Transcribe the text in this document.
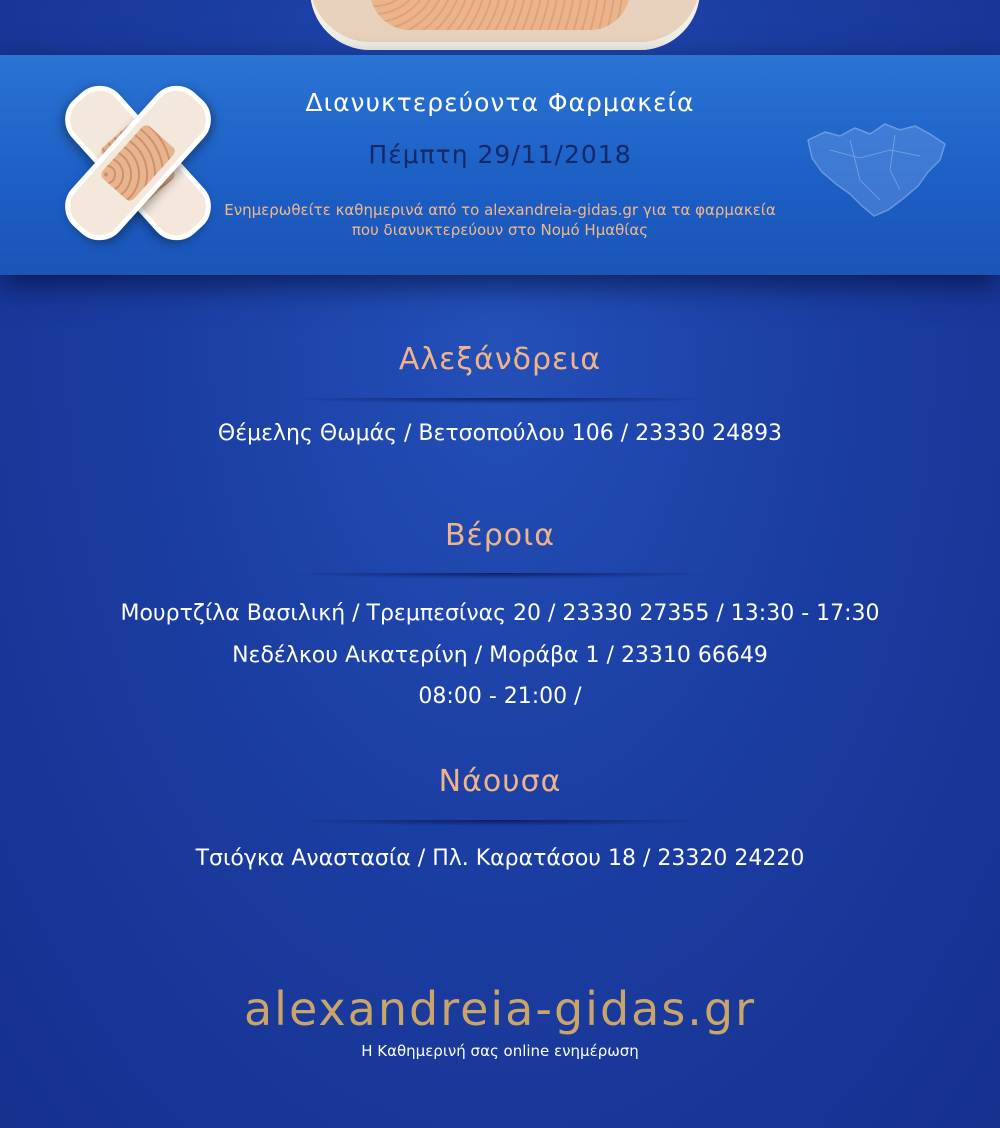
Διανυκτερεύοντα Φαρμακεία
Πέμπτη 29/11/2018
Ενημερωθείτε καθημερινά από το alexandreia-gidas.gr για τα φαρμακεία που διανυκτερεύουν στο Νομό Ημαθίας
Αλεξάνδρεια
Θέμελης Θωμάς / Βετσοπούλου 106 / 23330 24893
Βέροια
Μουρτζίλα Βασιλική / Τρεμπεσίνας 20 / 23330 27355 / 13:30 - 17:30
Νεδέλκου Αικατερίνη / Μοράβα 1 / 23310 66649
08:00 - 21:00 /
Νάουσα
Τσιόγκα Αναστασία / Πλ. Καρατάσου 18 / 23320 24220
alexandreia-gidas.gr
Η Καθημερινή σας online ενημέρωση
